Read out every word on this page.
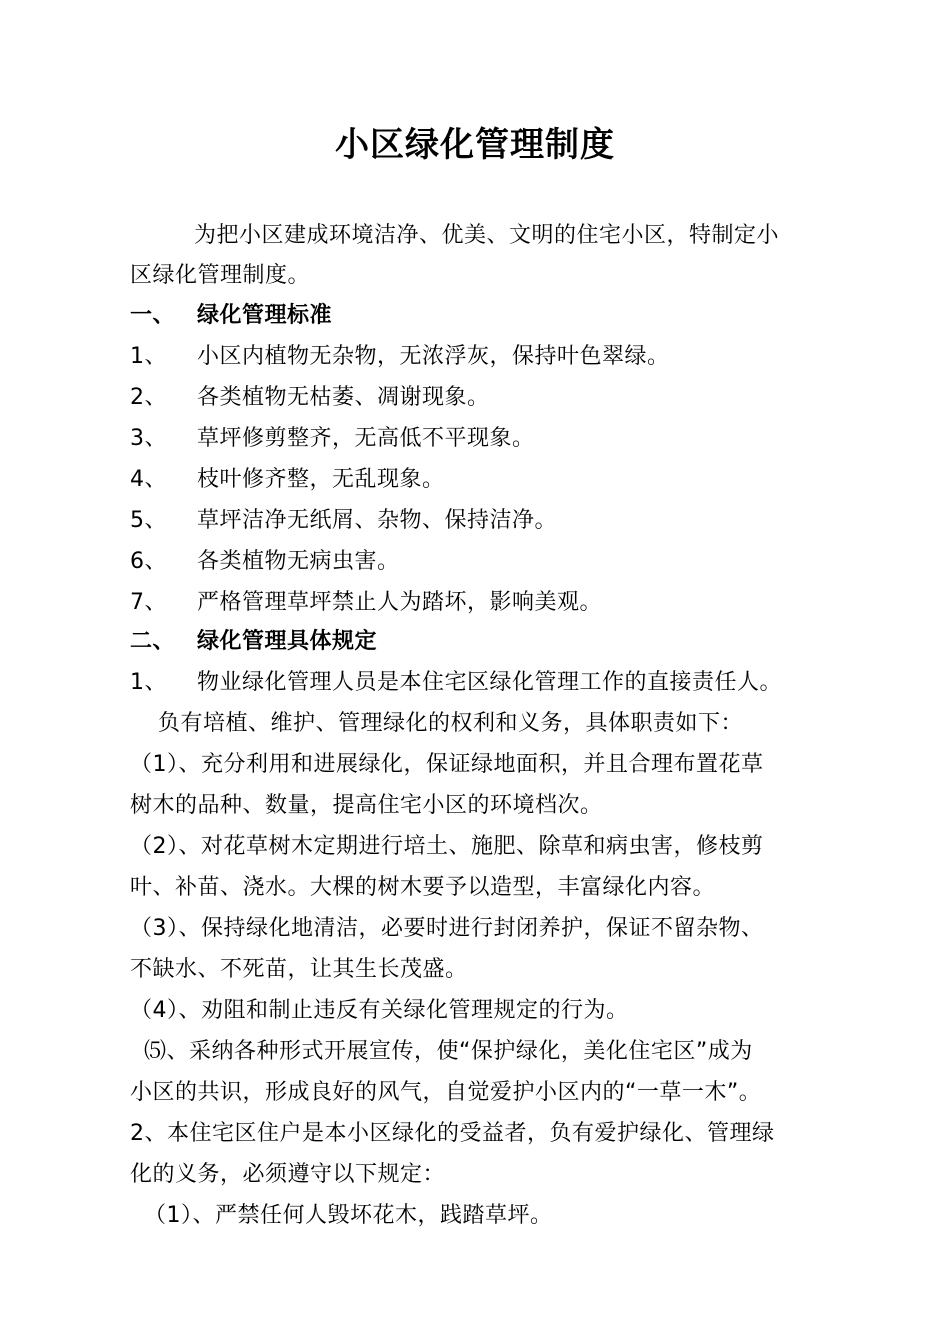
小区绿化管理制度
为把小区建成环境洁净、优美、文明的住宅小区，特制定小
区绿化管理制度。
一、 绿化管理标准
1、 小区内植物无杂物，无浓浮灰，保持叶色翠绿。
2、 各类植物无枯萎、凋谢现象。
3、 草坪修剪整齐，无高低不平现象。
4、 枝叶修齐整，无乱现象。
5、 草坪洁净无纸屑、杂物、保持洁净。
6、 各类植物无病虫害。
7、 严格管理草坪禁止人为踏坏，影响美观。
二、 绿化管理具体规定
1、 物业绿化管理人员是本住宅区绿化管理工作的直接责任人。
负有培植、维护、管理绿化的权利和义务，具体职责如下：
（1）、充分利用和进展绿化，保证绿地面积，并且合理布置花草
树木的品种、数量，提高住宅小区的环境档次。
（2）、对花草树木定期进行培土、施肥、除草和病虫害，修枝剪
叶、补苗、浇水。大棵的树木要予以造型，丰富绿化内容。
（3）、保持绿化地清洁，必要时进行封闭养护，保证不留杂物、
不缺水、不死苗，让其生长茂盛。
（4）、劝阻和制止违反有关绿化管理规定的行为。
⑸、采纳各种形式开展宣传，使“保护绿化，美化住宅区”成为
小区的共识，形成良好的风气，自觉爱护小区内的“一草一木”。
2、本住宅区住户是本小区绿化的受益者，负有爱护绿化、管理绿
化的义务，必须遵守以下规定：
（1）、严禁任何人毁坏花木，践踏草坪。
